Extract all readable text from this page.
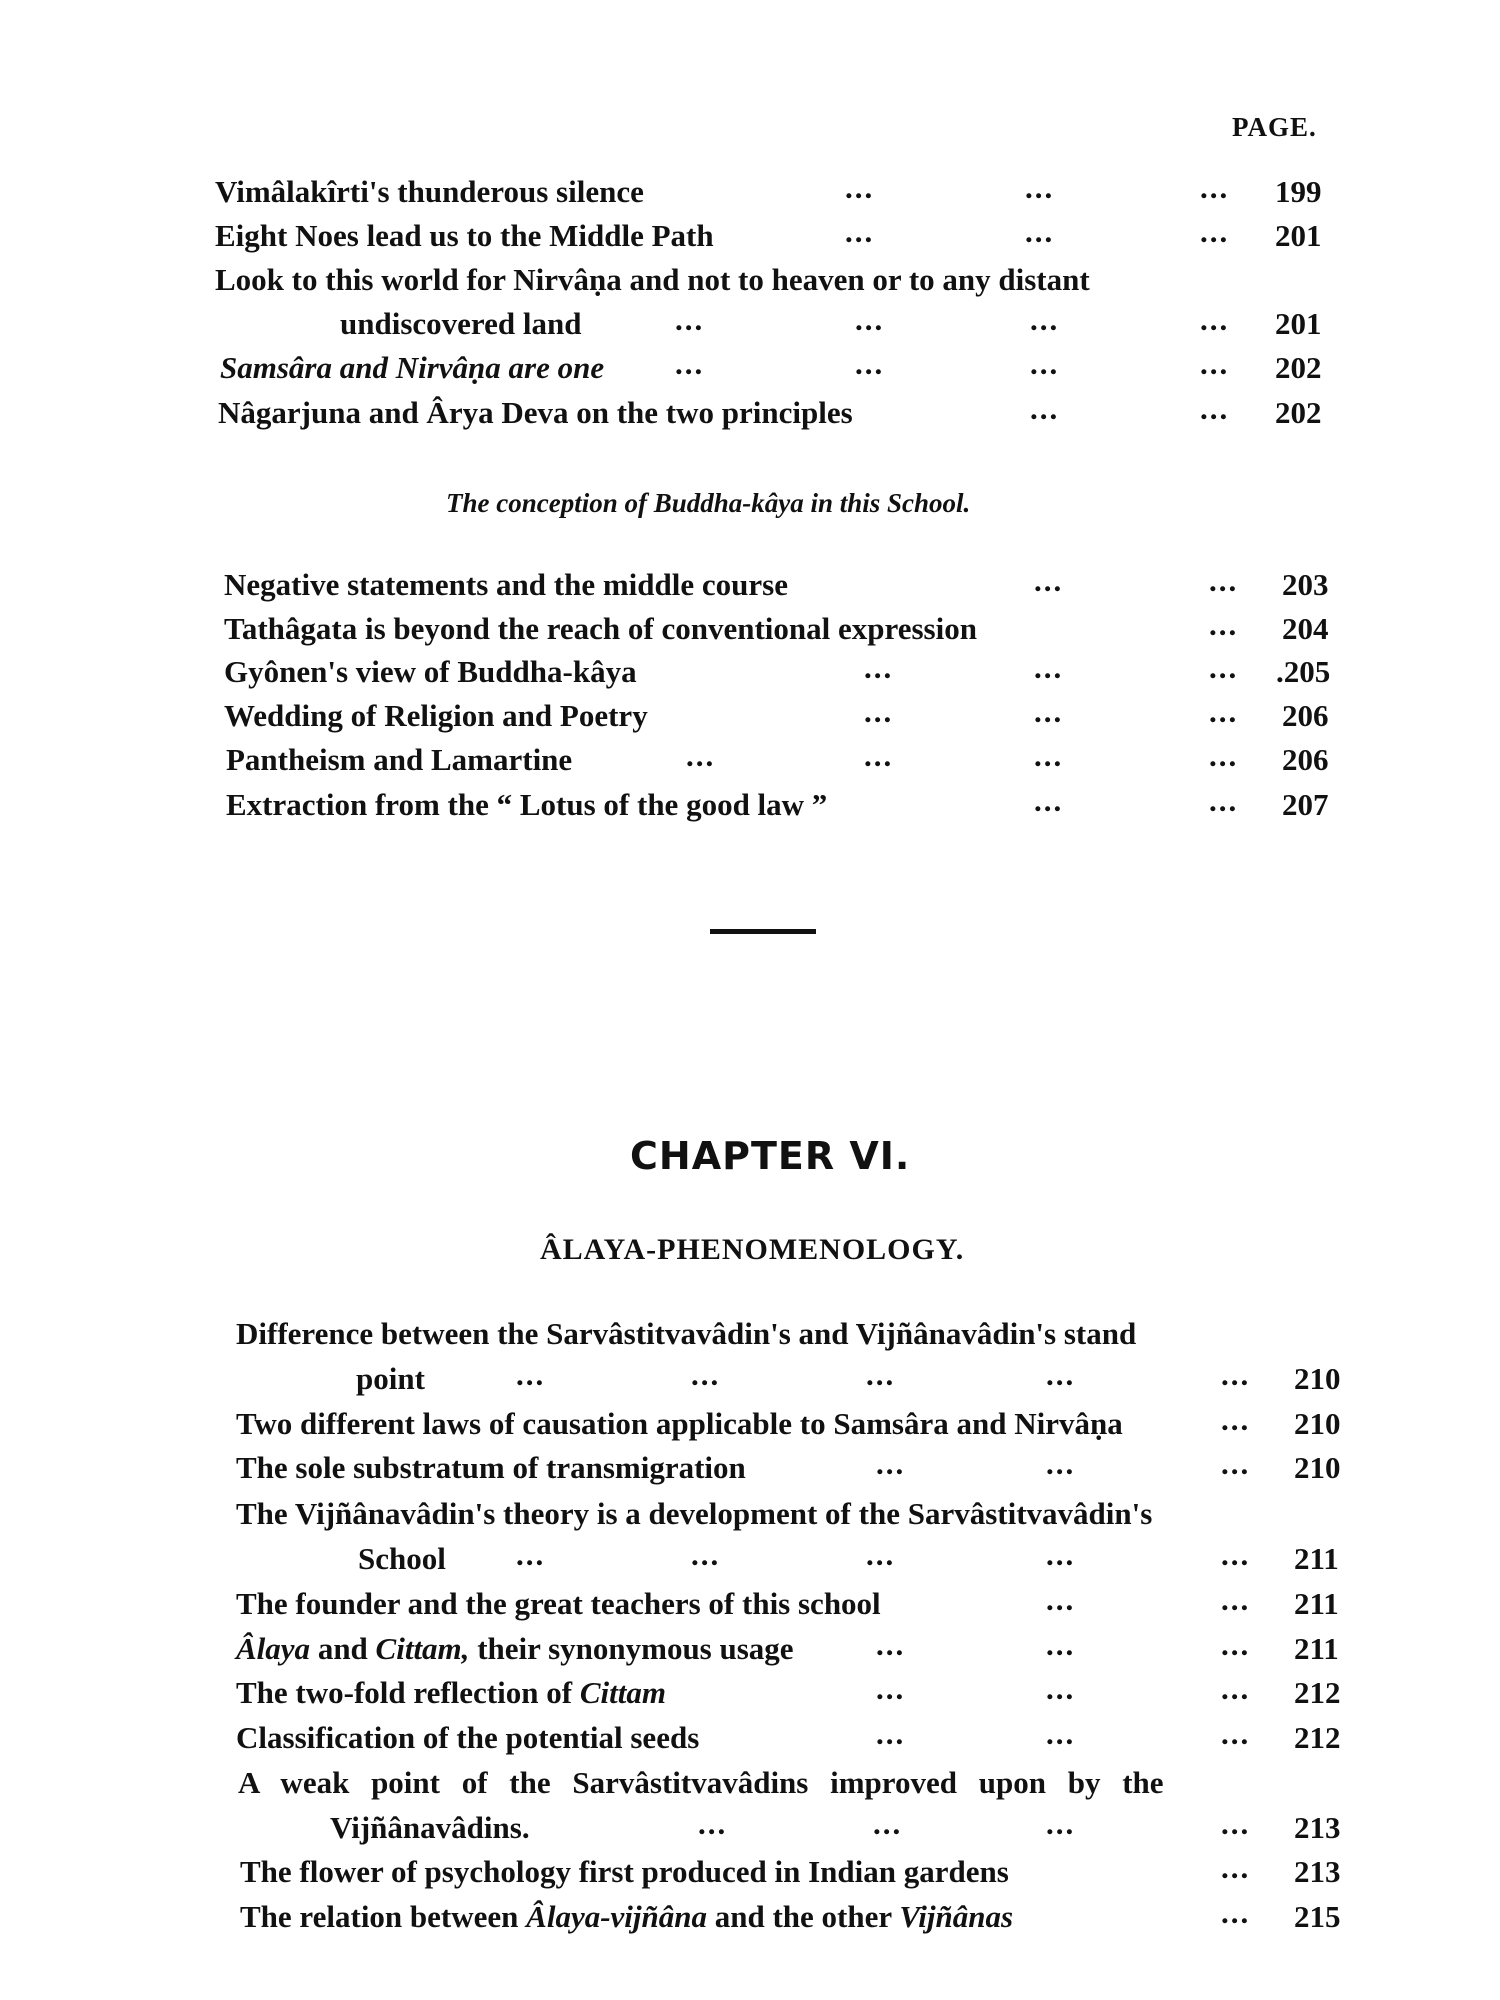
PAGE.
Vimâlakîrti's thunderous silence	...	...	... 199
Eight Noes lead us to the Middle Path	...	...	... 201
Look to this world for Nirvâṇa and not to heaven or to any distant
undiscovered land	...	...	...	... 201
Samsâra and Nirvâṇa are one ...	...	...	... 202
Nâgarjuna and Ârya Deva on the two principles	...	... 202
The conception of Buddha-kâya in this School.
Negative statements and the middle course	...	... 203
Tathâgata is beyond the reach of conventional expression	... 204
Gyônen's view of Buddha-kâya	...	...	... .205
Wedding of Religion and Poetry	...	...	... 206
Pantheism and Lamartine	...	...	...	... 206
Extraction from the “ Lotus of the good law ”	...	... 207
CHAPTER VI.
ÂLAYA-PHENOMENOLOGY.
Difference between the Sarvâstitvavâdin's and Vijñânavâdin's stand
point	...	...	...	...	... 210
Two different laws of causation applicable to Samsâra and Nirvâṇa	... 210
The sole substratum of transmigration	...	...	... 210
The Vijñânavâdin's theory is a development of the Sarvâstitvavâdin's
School ...	...	...	...	... 211
The founder and the great teachers of this school	...	... 211
Âlaya and Cittam, their synonymous usage	...	...	... 211
The two-fold reflection of Cittam	...	...	... 212
Classification of the potential seeds	...	...	... 212
A weak point of the Sarvâstitvavâdins improved upon by the
Vijñânavâdins.	...	...	...	... 213
The flower of psychology first produced in Indian gardens	... 213
The relation between Âlaya-vijñâna and the other Vijñânas	... 215
